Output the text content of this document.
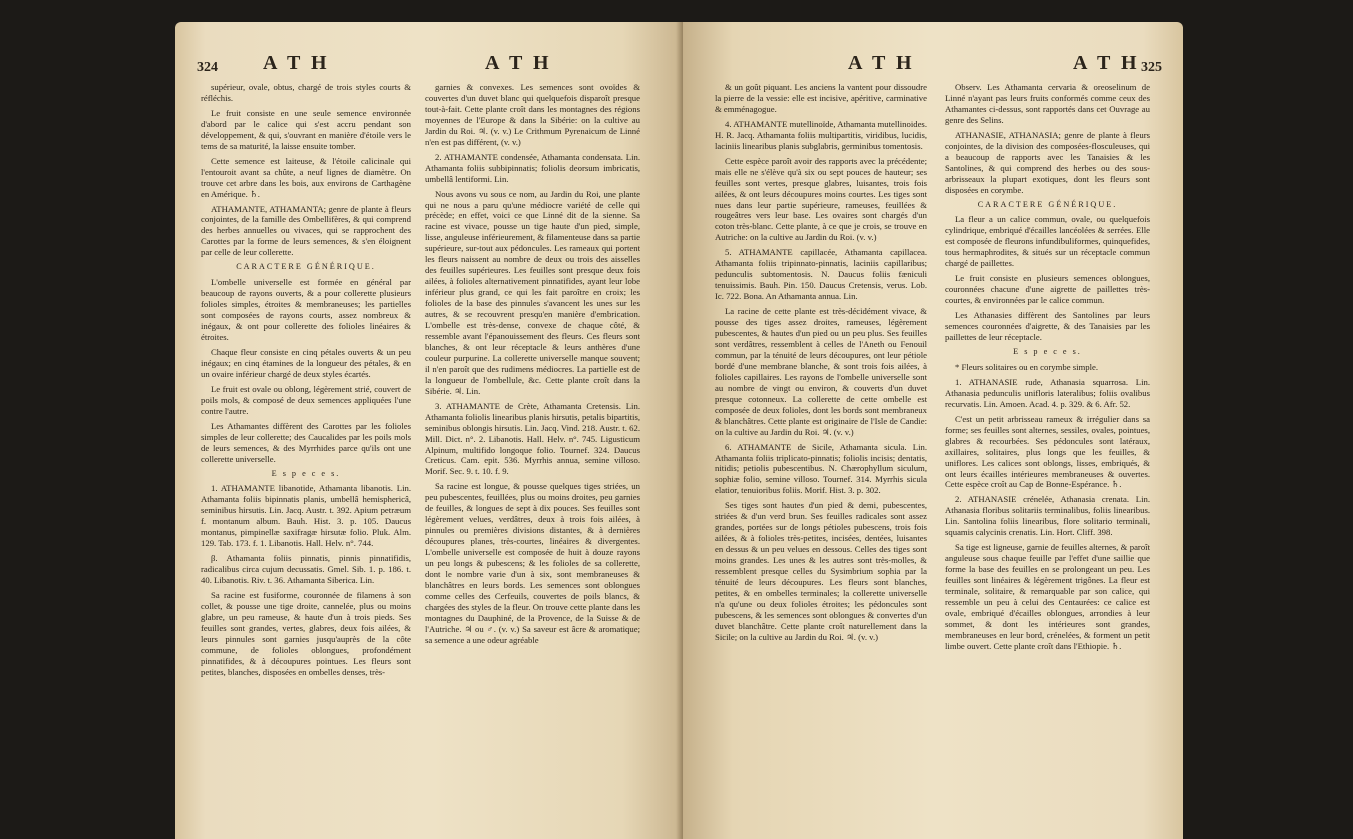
324 A T H	A T H

supérieur, ovale, obtus, chargé de trois styles courts & réfléchis.

Le fruit consiste en une seule semence environnée d'abord par le calice qui s'est accru pendant son développement, & qui, s'ouvrant en manière d'étoile vers le tems de sa maturité, la laisse ensuite tomber.

Cette semence est laiteuse, & l'étoile calicinale qui l'entouroit avant sa chûte, a neuf lignes de diamètre. On trouve cet arbre dans les bois, aux environs de Carthagène en Amérique. ♄.

ATHAMANTE, ATHAMANTA; genre de plante à fleurs conjointes, de la famille des Ombellifères, & qui comprend des herbes annuelles ou vivaces, qui se rapprochent des Carottes par la forme de leurs semences, & s'en éloignent par celle de leur collerette.

CARACTERE GÉNÉRIQUE.

L'ombelle universelle est formée en général par beaucoup de rayons ouverts, & a pour collerette plusieurs folioles simples, étroites & membraneuses; les partielles sont composées de rayons courts, assez nombreux & inégaux, & ont pour collerette des folioles linéaires & étroites.

Chaque fleur consiste en cinq pétales ouverts & un peu inégaux; en cinq étamines de la longueur des pétales, & en un ovaire inférieur chargé de deux styles écartés.

Le fruit est ovale ou oblong, légèrement strié, couvert de poils mols, & composé de deux semences appliquées l'une contre l'autre.

Les Athamantes diffèrent des Carottes par les folioles simples de leur collerette; des Caucalides par les poils mols de leurs semences, & des Myrrhides parce qu'ils ont une collerette universelle.

E s p e c e s.

1. ATHAMANTE libanotide, Athamanta libanotis. Lin. Athamanta foliis bipinnatis planis, umbellâ hemisphericâ, seminibus hirsutis. Lin. Jacq. Austr. t. 392. Apium petræum f. montanum album. Bauh. Hist. 3. p. 105. Daucus montanus, pimpinellæ saxifragæ hirsutæ folio. Pluk. Alm. 129. Tab. 173. f. 1. Libanotis. Hall. Helv. n°. 744.

β. Athamanta foliis pinnatis, pinnis pinnatifidis, radicalibus circa cujum decussatis. Gmel. Sib. 1. p. 186. t. 40. Libanotis. Riv. t. 36. Athamanta Siberica. Lin.

Sa racine est fusiforme, couronnée de filamens à son collet, & pousse une tige droite, cannelée, plus ou moins glabre, un peu rameuse, & haute d'un à trois pieds. Ses feuilles sont grandes, vertes, glabres, deux fois ailées, & leurs pinnules sont garnies jusqu'auprès de la côte commune, de folioles oblongues, profondément pinnatifides, & à découpures pointues. Les fleurs sont petites, blanches, disposées en ombelles denses, très-

garnies & convexes. Les semences sont ovoïdes & couvertes d'un duvet blanc qui quelquefois disparoît presque tout-à-fait. Cette plante croît dans les montagnes des régions moyennes de l'Europe & dans la Sibérie: on la cultive au Jardin du Roi. ♃. (v. v.) Le Crithmum Pyrenaicum de Linné n'en est pas différent, (v. v.)

2. ATHAMANTE condensée, Athamanta condensata. Lin. Athamanta foliis subbipinnatis; foliolis deorsum imbricatis, umbellâ lentiformi. Lin.

Nous avons vu sous ce nom, au Jardin du Roi, une plante qui ne nous a paru qu'une médiocre variété de celle qui précède; en effet, voici ce que Linné dit de la sienne. Sa racine est vivace, pousse un tige haute d'un pied, simple, lisse, anguleuse inférieurement, & filamenteuse dans sa partie supérieure, sur-tout aux pédoncules. Les rameaux qui portent les fleurs naissent au nombre de deux ou trois des aisselles des feuilles supérieures. Les feuilles sont presque deux fois ailées, à folioles alternativement pinnatifides, ayant leur lobe inférieur plus grand, ce qui les fait paroître en croix; les folioles de la base des pinnules s'avancent les unes sur les autres, & se recouvrent presqu'en manière d'embrication. L'ombelle est très-dense, convexe de chaque côté, & ressemble avant l'épanouissement des fleurs. Ces fleurs sont blanches, & ont leur réceptacle & leurs anthères d'une couleur purpurine. La collerette universelle manque souvent; il n'en paroît que des rudimens médiocres. La partielle est de la longueur de l'ombellule, &c. Cette plante croît dans la Sibérie. ♃. Lin.

3. ATHAMANTE de Crète, Athamanta Cretensis. Lin. Athamanta foliolis linearibus planis hirsutis, petalis bipartitis, seminibus oblongis hirsutis. Lin. Jacq. Vind. 218. Austr. t. 62. Mill. Dict. n°. 2. Libanotis. Hall. Helv. n°. 745. Ligusticum Alpinum, multifido longoque folio. Tournef. 324. Daucus Creticus. Cam. epit. 536. Myrrhis annua, semine villoso. Morif. Sec. 9. t. 10. f. 9.

Sa racine est longue, & pousse quelques tiges striées, un peu pubescentes, feuillées, plus ou moins droites, peu garnies de feuilles, & longues de sept à dix pouces. Ses feuilles sont légèrement velues, verdâtres, deux à trois fois ailées, à pinnules ou premières divisions distantes, & à dernières découpures planes, très-courtes, linéaires & divergentes. L'ombelle universelle est composée de huit à douze rayons un peu longs & pubescens; & les folioles de sa collerette, dont le nombre varie d'un à six, sont membraneuses & blanchâtres en leurs bords. Les semences sont oblongues comme celles des Cerfeuils, couvertes de poils blancs, & chargées des styles de la fleur. On trouve cette plante dans les montagnes du Dauphiné, de la Provence, de la Suisse & de l'Autriche. ♃ ou ♂. (v. v.) Sa saveur est âcre & aromatique; sa semence a une odeur agréable

A T H	A T H 325

& un goût piquant. Les anciens la vantent pour dissoudre la pierre de la vessie: elle est incisive, apéritive, carminative & emménagogue.

4. ATHAMANTE mutellinoïde, Athamanta mutellinoides. H. R. Jacq. Athamanta foliis multipartitis, viridibus, lucidis, laciniis linearibus planis subglabris, germinibus tomentosis.

Cette espèce paroît avoir des rapports avec la précédente; mais elle ne s'élève qu'à six ou sept pouces de hauteur; ses feuilles sont vertes, presque glabres, luisantes, trois fois ailées, & ont leurs découpures moins courtes. Les tiges sont nues dans leur partie supérieure, rameuses, feuillées & rougeâtres vers leur base. Les ovaires sont chargés d'un coton très-blanc. Cette plante, à ce que je crois, se trouve en Autriche: on la cultive au Jardin du Roi. (v. v.)

5. ATHAMANTE capillacée, Athamanta capillacea. Athamanta foliis tripinnato-pinnatis, laciniis capillaribus; pedunculis subtomentosis. N. Daucus foliis fæniculi tenuissimis. Bauh. Pin. 150. Daucus Cretensis, verus. Lob. Ic. 722. Bona. An Athamanta annua. Lin.

La racine de cette plante est très-décidément vivace, & pousse des tiges assez droites, rameuses, légèrement pubescentes, & hautes d'un pied ou un peu plus. Ses feuilles sont verdâtres, ressemblent à celles de l'Aneth ou Fenouil commun, par la ténuité de leurs découpures, ont leur pétiole bordé d'une membrane blanche, & sont trois fois ailées, à folioles capillaires. Les rayons de l'ombelle universelle sont au nombre de vingt ou environ, & couverts d'un duvet presque cotonneux. La collerette de cette ombelle est composée de deux folioles, dont les bords sont membraneux & blanchâtres. Cette plante est originaire de l'Isle de Candie: on la cultive au Jardin du Roi. ♃. (v. v.)

6. ATHAMANTE de Sicile, Athamanta sicula. Lin. Athamanta foliis triplicato-pinnatis; foliolis incisis; dentatis, nitidis; petiolis pubescentibus. N. Chærophyllum siculum, sophiæ folio, semine villoso. Tournef. 314. Myrrhis sicula elatior, tenuioribus foliis. Morif. Hist. 3. p. 302.

Ses tiges sont hautes d'un pied & demi, pubescentes, striées & d'un verd brun. Ses feuilles radicales sont assez grandes, portées sur de longs pétioles pubescens, trois fois ailées, & à folioles très-petites, incisées, dentées, luisantes en dessus & un peu velues en dessous. Celles des tiges sont moins grandes. Les unes & les autres sont très-molles, & ressemblent presque celles du Sysimbrium sophia par la ténuité de leurs découpures. Les fleurs sont blanches, petites, & en ombelles terminales; la collerette universelle n'a qu'une ou deux folioles étroites; les pédoncules sont pubescens, & les semences sont oblongues & convertes d'un duvet blanchâtre. Cette plante croît naturellement dans la Sicile; on la cultive au Jardin du Roi. ♃. (v. v.)

Observ. Les Athamanta cervaria & oreoselinum de Linné n'ayant pas leurs fruits conformés comme ceux des Athamantes ci-dessus, sont rapportés dans cet Ouvrage au genre des Selins.

ATHANASIE, ATHANASIA; genre de plante à fleurs conjointes, de la division des composées-flosculeuses, qui a beaucoup de rapports avec les Tanaisies & les Santolines, & qui comprend des herbes ou des sous-arbrisseaux la plupart exotiques, dont les fleurs sont disposées en corymbe.

CARACTERE GÉNÉRIQUE.

La fleur a un calice commun, ovale, ou quelquefois cylindrique, embriqué d'écailles lancéolées & serrées. Elle est composée de fleurons infundibuliformes, quinquefides, tous hermaphrodites, & situés sur un réceptacle commun chargé de paillettes.

Le fruit consiste en plusieurs semences oblongues, couronnées chacune d'une aigrette de paillettes très-courtes, & environnées par le calice commun.

Les Athanasies diffèrent des Santolines par leurs semences couronnées d'aigrette, & des Tanaisies par les paillettes de leur réceptacle.

E s p e c e s.

* Fleurs solitaires ou en corymbe simple.

1. ATHANASIE rude, Athanasia squarrosa. Lin. Athanasia pedunculis unifloris lateralibus; foliis ovalibus recurvatis. Lin. Amoen. Acad. 4. p. 329. & 6. Afr. 52.

C'est un petit arbrisseau rameux & irrégulier dans sa forme; ses feuilles sont alternes, sessiles, ovales, pointues, glabres & recourbées. Ses pédoncules sont latéraux, axillaires, solitaires, plus longs que les feuilles, & uniflores. Les calices sont oblongs, lisses, embriqués, & ont leurs écailles intérieures membraneuses & ouvertes. Cette espèce croît au Cap de Bonne-Espérance. ♄.

2. ATHANASIE crénelée, Athanasia crenata. Lin. Athanasia floribus solitariis terminalibus, foliis linearibus. Lin. Santolina foliis linearibus, flore solitario terminali, squamis calycinis crenatis. Lin. Hort. Cliff. 398.

Sa tige est ligneuse, garnie de feuilles alternes, & paroît anguleuse sous chaque feuille par l'effet d'une saillie que forme la base des feuilles en se prolongeant un peu. Les feuilles sont linéaires & légèrement trigônes. La fleur est terminale, solitaire, & remarquable par son calice, qui ressemble un peu à celui des Centaurées: ce calice est ovale, embriqué d'écailles oblongues, arrondies à leur sommet, & dont les intérieures sont grandes, membraneuses en leur bord, crénelées, & forment un petit limbe ouvert. Cette plante croît dans l'Ethiopie. ♄.
